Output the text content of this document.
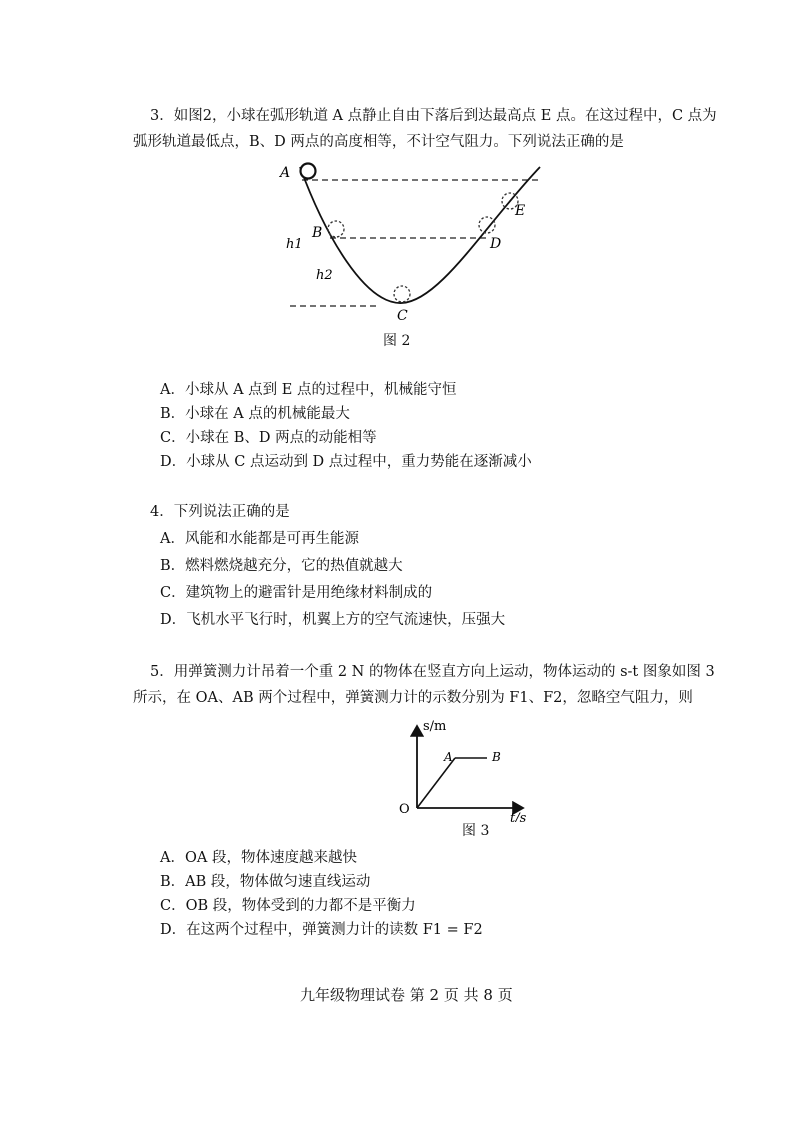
3．如图2，小球在弧形轨道 A 点静止自由下落后到达最高点 E 点。在这过程中，C 点为
弧形轨道最低点，B、D 两点的高度相等，不计空气阻力。下列说法正确的是
A
B
C
D
E
h1
h2
图 2
A．小球从 A 点到 E 点的过程中，机械能守恒
B．小球在 A 点的机械能最大
C．小球在 B、D 两点的动能相等
D．小球从 C 点运动到 D 点过程中，重力势能在逐渐减小
4．下列说法正确的是
A．风能和水能都是可再生能源
B．燃料燃烧越充分，它的热值就越大
C．建筑物上的避雷针是用绝缘材料制成的
D．飞机水平飞行时，机翼上方的空气流速快，压强大
5．用弹簧测力计吊着一个重 2 N 的物体在竖直方向上运动，物体运动的 s-t 图象如图 3
所示，在 OA、AB 两个过程中，弹簧测力计的示数分别为 F1、F2，忽略空气阻力，则
s/m
t/s
O
A	B
图 3
A．OA 段，物体速度越来越快
B．AB 段，物体做匀速直线运动
C．OB 段，物体受到的力都不是平衡力
D．在这两个过程中，弹簧测力计的读数 F1 = F2
九年级物理试卷 第 2 页 共 8 页
